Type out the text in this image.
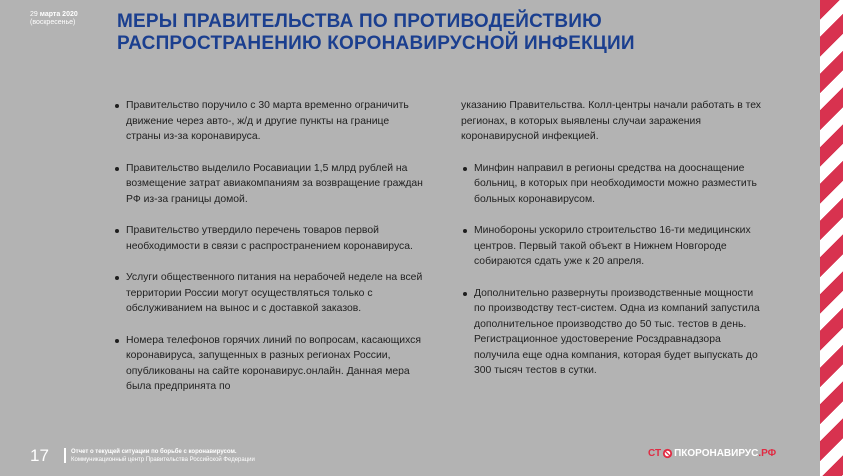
29 марта 2020
(воскресенье) МЕРЫ ПРАВИТЕЛЬСТВА ПО ПРОТИВОДЕЙСТВИЮ
РАСПРОСТРАНЕНИЮ КОРОНАВИРУСНОЙ ИНФЕКЦИИ

Правительство поручило с 30 марта временно ограничить движение через авто-, ж/д и другие пункты на границе страны из-за коронавируса.

Правительство выделило Росавиации 1,5 млрд рублей на возмещение затрат авиакомпаниям за возвращение граждан РФ из-за границы домой.

Правительство утвердило перечень товаров первой необходимости в связи с распространением коронавируса.

Услуги общественного питания на нерабочей неделе на всей территории России могут осуществляться только с обслуживанием на вынос и с доставкой заказов.

Номера телефонов горячих линий по вопросам, касающихся коронавируса, запущенных в разных регионах России, опубликованы на сайте коронавирус.онлайн. Данная мера была предпринята по

указанию Правительства. Колл-центры начали работать в тех регионах, в которых выявлены случаи заражения коронавирусной инфекцией.

Минфин направил в регионы средства на дооснащение больниц, в которых при необходимости можно разместить больных коронавирусом.

Минобороны ускорило строительство 16-ти медицинских центров. Первый такой объект в Нижнем Новгороде собираются сдать уже к 20 апреля.

Дополнительно развернуты производственные мощности по производству тест-систем. Одна из компаний запустила дополнительное производство до 50 тыс. тестов в день. Регистрационное удостоверение Росздравнадзора получила еще одна компания, которая будет выпускать до 300 тысяч тестов в сутки.

17	Отчет о текущей ситуации по борьбе с коронавирусом.
Коммуникационный центр Правительства Российской Федерации
СТ ПКОРОНАВИРУС .РФ
